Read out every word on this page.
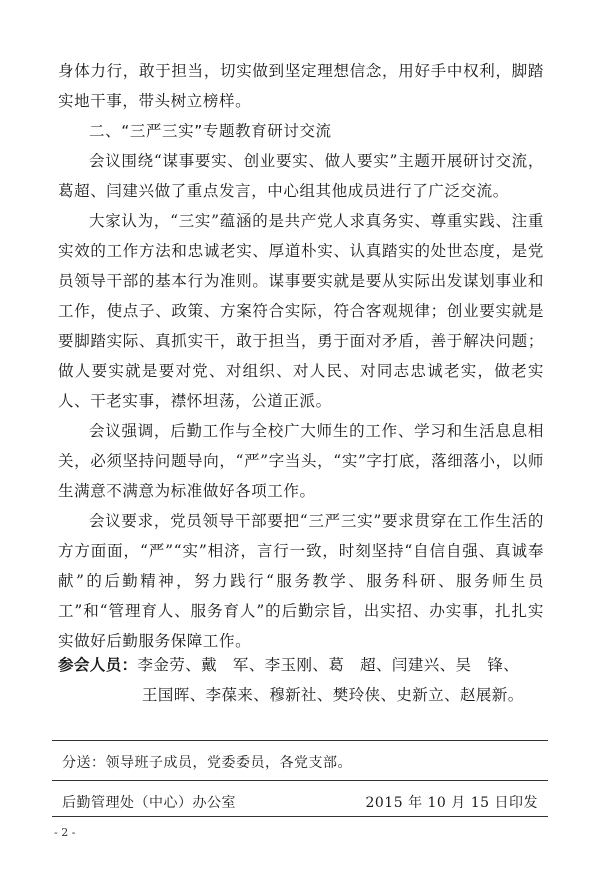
身体力行，敢于担当，切实做到坚定理想信念，用好手中权利，脚踏实地干事，带头树立榜样。

二、“三严三实”专题教育研讨交流

会议围绕“谋事要实、创业要实、做人要实”主题开展研讨交流，葛超、闫建兴做了重点发言，中心组其他成员进行了广泛交流。

大家认为，“三实”蕴涵的是共产党人求真务实、尊重实践、注重实效的工作方法和忠诚老实、厚道朴实、认真踏实的处世态度，是党员领导干部的基本行为准则。谋事要实就是要从实际出发谋划事业和工作，使点子、政策、方案符合实际，符合客观规律；创业要实就是要脚踏实际、真抓实干，敢于担当，勇于面对矛盾，善于解决问题；做人要实就是要对党、对组织、对人民、对同志忠诚老实，做老实人、干老实事，襟怀坦荡，公道正派。

会议强调，后勤工作与全校广大师生的工作、学习和生活息息相关，必须坚持问题导向，“严”字当头，“实”字打底，落细落小，以师生满意不满意为标准做好各项工作。

会议要求，党员领导干部要把“三严三实”要求贯穿在工作生活的方方面面，“严”“实”相济，言行一致，时刻坚持“自信自强、真诚奉献”的后勤精神，努力践行“服务教学、服务科研、服务师生员工”和“管理育人、服务育人”的后勤宗旨，出实招、办实事，扎扎实实做好后勤服务保障工作。

参会人员：李金劳、戴　军、李玉刚、葛　超、闫建兴、吴　锋、
王国晖、李葆来、穆新社、樊玲侠、史新立、赵展新。
分送：领导班子成员，党委委员，各党支部。
后勤管理处（中心）办公室	2015 年 10 月 15 日印发
- 2 -
